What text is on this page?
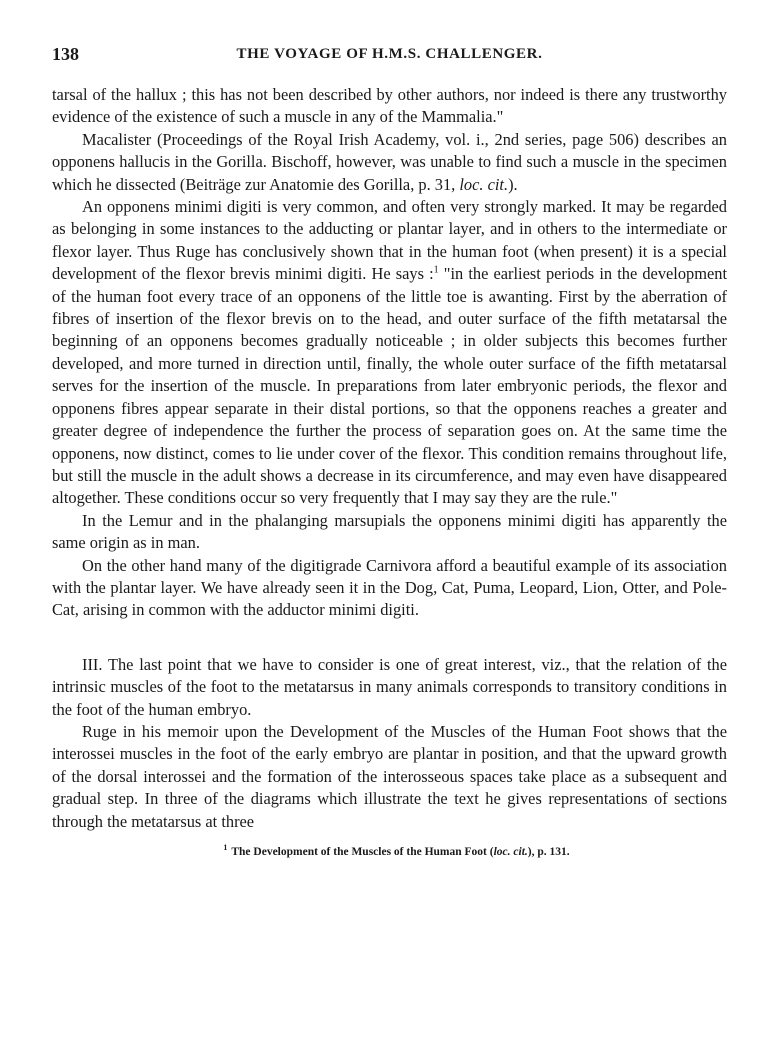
138	THE VOYAGE OF H.M.S. CHALLENGER.

tarsal of the hallux ; this has not been described by other authors, nor indeed is there any trustworthy evidence of the existence of such a muscle in any of the Mammalia."

Macalister (Proceedings of the Royal Irish Academy, vol. i., 2nd series, page 506) describes an opponens hallucis in the Gorilla. Bischoff, however, was unable to find such a muscle in the specimen which he dissected (Beiträge zur Anatomie des Gorilla, p. 31, loc. cit.).

An opponens minimi digiti is very common, and often very strongly marked. It may be regarded as belonging in some instances to the adducting or plantar layer, and in others to the intermediate or flexor layer. Thus Ruge has conclusively shown that in the human foot (when present) it is a special development of the flexor brevis minimi digiti. He says :$^1$ "in the earliest periods in the development of the human foot every trace of an opponens of the little toe is awanting. First by the aberration of fibres of insertion of the flexor brevis on to the head, and outer surface of the fifth metatarsal the beginning of an opponens becomes gradually noticeable ; in older subjects this becomes further developed, and more turned in direction until, finally, the whole outer surface of the fifth metatarsal serves for the insertion of the muscle. In preparations from later embryonic periods, the flexor and opponens fibres appear separate in their distal portions, so that the opponens reaches a greater and greater degree of independence the further the process of separation goes on. At the same time the opponens, now distinct, comes to lie under cover of the flexor. This condition remains throughout life, but still the muscle in the adult shows a decrease in its circumference, and may even have disappeared altogether. These conditions occur so very frequently that I may say they are the rule."

In the Lemur and in the phalanging marsupials the opponens minimi digiti has apparently the same origin as in man.

On the other hand many of the digitigrade Carnivora afford a beautiful example of its association with the plantar layer. We have already seen it in the Dog, Cat, Puma, Leopard, Lion, Otter, and Pole-Cat, arising in common with the adductor minimi digiti.

III. The last point that we have to consider is one of great interest, viz., that the relation of the intrinsic muscles of the foot to the metatarsus in many animals corresponds to transitory conditions in the foot of the human embryo.

Ruge in his memoir upon the Development of the Muscles of the Human Foot shows that the interossei muscles in the foot of the early embryo are plantar in position, and that the upward growth of the dorsal interossei and the formation of the interosseous spaces take place as a subsequent and gradual step. In three of the diagrams which illustrate the text he gives representations of sections through the metatarsus at three

$^1$ The Development of the Muscles of the Human Foot (loc. cit.), p. 131.
